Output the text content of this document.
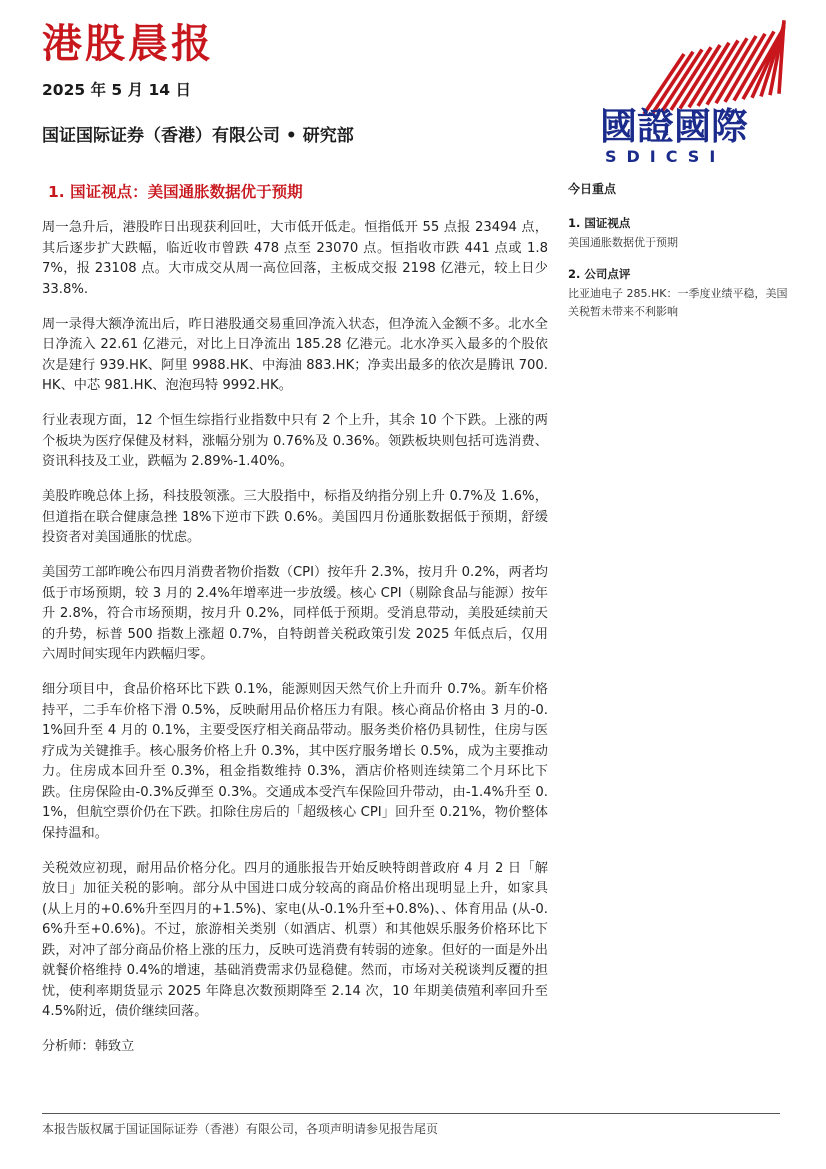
港股晨报
2025 年 5 月 14 日
国证国际证券（香港）有限公司 • 研究部	國證國際
SDICSI
1. 国证视点：美国通胀数据优于预期

周一急升后，港股昨日出现获利回吐，大市低开低走。恒指低开 55 点报 23494 点，其后逐步扩大跌幅，临近收市曾跌 478 点至 23070 点。恒指收市跌 441 点或 1.87%，报 23108 点。大市成交从周一高位回落，主板成交报 2198 亿港元，较上日少 33.8%.

周一录得大额净流出后，昨日港股通交易重回净流入状态，但净流入金额不多。北水全日净流入 22.61 亿港元，对比上日净流出 185.28 亿港元。北水净买入最多的个股依次是建行 939.HK、阿里 9988.HK、中海油 883.HK；净卖出最多的依次是腾讯 700.HK、中芯 981.HK、泡泡玛特 9992.HK。

行业表现方面，12 个恒生综指行业指数中只有 2 个上升，其余 10 个下跌。上涨的两个板块为医疗保健及材料，涨幅分别为 0.76%及 0.36%。领跌板块则包括可选消费、资讯科技及工业，跌幅为 2.89%-1.40%。

美股昨晚总体上扬，科技股领涨。三大股指中，标指及纳指分别上升 0.7%及 1.6%，但道指在联合健康急挫 18%下逆市下跌 0.6%。美国四月份通胀数据低于预期，舒缓投资者对美国通胀的忧虑。

美国劳工部昨晚公布四月消费者物价指数（CPI）按年升 2.3%，按月升 0.2%，两者均低于市场预期，较 3 月的 2.4%年增率进一步放缓。核心 CPI（剔除食品与能源）按年升 2.8%，符合市场预期，按月升 0.2%，同样低于预期。受消息带动，美股延续前天的升势，标普 500 指数上涨超 0.7%，自特朗普关税政策引发 2025 年低点后，仅用六周时间实现年内跌幅归零。

细分项目中，食品价格环比下跌 0.1%，能源则因天然气价上升而升 0.7%。新车价格持平，二手车价格下滑 0.5%，反映耐用品价格压力有限。核心商品价格由 3 月的-0.1%回升至 4 月的 0.1%，主要受医疗相关商品带动。服务类价格仍具韧性，住房与医疗成为关键推手。核心服务价格上升 0.3%，其中医疗服务增长 0.5%，成为主要推动力。住房成本回升至 0.3%，租金指数维持 0.3%，酒店价格则连续第二个月环比下跌。住房保险由-0.3%反弹至 0.3%。交通成本受汽车保险回升带动，由-1.4%升至 0.1%，但航空票价仍在下跌。扣除住房后的「超级核心 CPI」回升至 0.21%，物价整体保持温和。

关税效应初现，耐用品价格分化。四月的通胀报告开始反映特朗普政府 4 月 2 日「解放日」加征关税的影响。部分从中国进口成分较高的商品价格出现明显上升，如家具(从上月的+0.6%升至四月的+1.5%)、家电(从-0.1%升至+0.8%)、、体育用品 (从-0.6%升至+0.6%)。不过，旅游相关类别（如酒店、机票）和其他娱乐服务价格环比下跌，对冲了部分商品价格上涨的压力，反映可选消费有转弱的迹象。但好的一面是外出就餐价格维持 0.4%的增速，基础消费需求仍显稳健。然而，市场对关税谈判反覆的担忧，使利率期货显示 2025 年降息次数预期降至 2.14 次，10 年期美债殖利率回升至 4.5%附近，债价继续回落。

分析师：韩致立

今日重点
1. 国证视点
美国通胀数据优于预期
2. 公司点评
比亚迪电子 285.HK：一季度业绩平稳，美国关税暂未带来不利影响
本报告版权属于国证国际证券（香港）有限公司，各项声明请参见报告尾页
